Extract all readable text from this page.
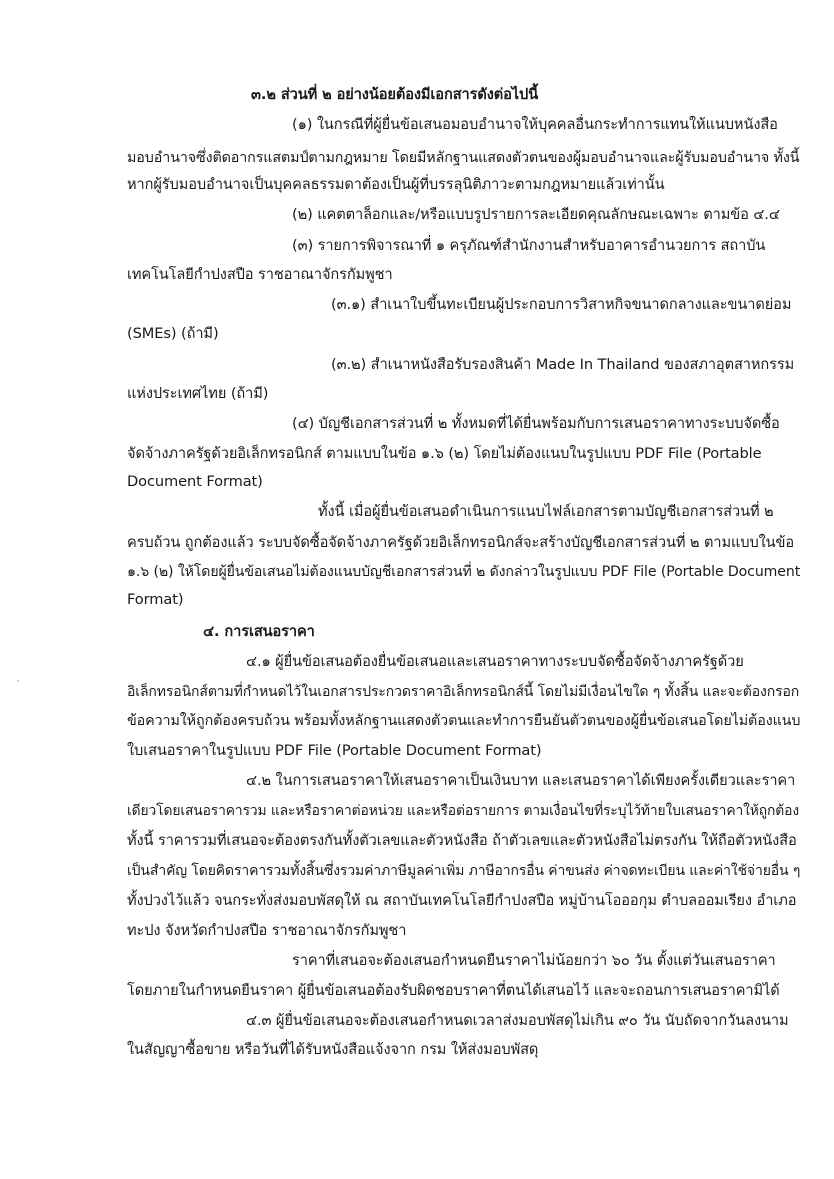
๓.๒ ส่วนที่ ๒ อย่างน้อยต้องมีเอกสารดังต่อไปนี้
(๑) ในกรณีที่ผู้ยื่นข้อเสนอมอบอำนาจให้บุคคลอื่นกระทำการแทนให้แนบหนังสือ
มอบอำนาจซึ่งติดอากรแสตมป์ตามกฎหมาย โดยมีหลักฐานแสดงตัวตนของผู้มอบอำนาจและผู้รับมอบอำนาจ ทั้งนี้
หากผู้รับมอบอำนาจเป็นบุคคลธรรมดาต้องเป็นผู้ที่บรรลุนิติภาวะตามกฎหมายแล้วเท่านั้น
(๒) แคตตาล็อกและ/หรือแบบรูปรายการละเอียดคุณลักษณะเฉพาะ ตามข้อ ๔.๔
(๓) รายการพิจารณาที่ ๑ ครุภัณฑ์สำนักงานสำหรับอาคารอำนวยการ สถาบัน
เทคโนโลยีกำปงสปือ ราชอาณาจักรกัมพูชา
(๓.๑) สำเนาใบขึ้นทะเบียนผู้ประกอบการวิสาหกิจขนาดกลางและขนาดย่อม
(SMEs) (ถ้ามี)
(๓.๒) สำเนาหนังสือรับรองสินค้า Made In Thailand ของสภาอุตสาหกรรม
แห่งประเทศไทย (ถ้ามี)
(๔) บัญชีเอกสารส่วนที่ ๒ ทั้งหมดที่ได้ยื่นพร้อมกับการเสนอราคาทางระบบจัดซื้อ
จัดจ้างภาครัฐด้วยอิเล็กทรอนิกส์ ตามแบบในข้อ ๑.๖ (๒) โดยไม่ต้องแนบในรูปแบบ PDF File (Portable
Document Format)
ทั้งนี้ เมื่อผู้ยื่นข้อเสนอดำเนินการแนบไฟล์เอกสารตามบัญชีเอกสารส่วนที่ ๒
ครบถ้วน ถูกต้องแล้ว ระบบจัดซื้อจัดจ้างภาครัฐด้วยอิเล็กทรอนิกส์จะสร้างบัญชีเอกสารส่วนที่ ๒ ตามแบบในข้อ
๑.๖ (๒) ให้โดยผู้ยื่นข้อเสนอไม่ต้องแนบบัญชีเอกสารส่วนที่ ๒ ดังกล่าวในรูปแบบ PDF File (Portable Document
Format)
๔. การเสนอราคา
๔.๑ ผู้ยื่นข้อเสนอต้องยื่นข้อเสนอและเสนอราคาทางระบบจัดซื้อจัดจ้างภาครัฐด้วย
อิเล็กทรอนิกส์ตามที่กำหนดไว้ในเอกสารประกวดราคาอิเล็กทรอนิกส์นี้ โดยไม่มีเงื่อนไขใด ๆ ทั้งสิ้น และจะต้องกรอก
ข้อความให้ถูกต้องครบถ้วน พร้อมทั้งหลักฐานแสดงตัวตนและทำการยืนยันตัวตนของผู้ยื่นข้อเสนอโดยไม่ต้องแนบ
ใบเสนอราคาในรูปแบบ PDF File (Portable Document Format)
๔.๒ ในการเสนอราคาให้เสนอราคาเป็นเงินบาท และเสนอราคาได้เพียงครั้งเดียวและราคา
เดียวโดยเสนอราคารวม และหรือราคาต่อหน่วย และหรือต่อรายการ ตามเงื่อนไขที่ระบุไว้ท้ายใบเสนอราคาให้ถูกต้อง
ทั้งนี้ ราคารวมที่เสนอจะต้องตรงกันทั้งตัวเลขและตัวหนังสือ ถ้าตัวเลขและตัวหนังสือไม่ตรงกัน ให้ถือตัวหนังสือ
เป็นสำคัญ โดยคิดราคารวมทั้งสิ้นซึ่งรวมค่าภาษีมูลค่าเพิ่ม ภาษีอากรอื่น ค่าขนส่ง ค่าจดทะเบียน และค่าใช้จ่ายอื่น ๆ
ทั้งปวงไว้แล้ว จนกระทั่งส่งมอบพัสดุให้ ณ สถาบันเทคโนโลยีกำปงสปือ หมู่บ้านโอออกุม ตำบลออมเรียง อำเภอ
ทะปง จังหวัดกำปงสปือ ราชอาณาจักรกัมพูชา
ราคาที่เสนอจะต้องเสนอกำหนดยืนราคาไม่น้อยกว่า ๖๐ วัน ตั้งแต่วันเสนอราคา
โดยภายในกำหนดยืนราคา ผู้ยื่นข้อเสนอต้องรับผิดชอบราคาที่ตนได้เสนอไว้ และจะถอนการเสนอราคามิได้
๔.๓ ผู้ยื่นข้อเสนอจะต้องเสนอกำหนดเวลาส่งมอบพัสดุไม่เกิน ๙๐ วัน นับถัดจากวันลงนาม
ในสัญญาซื้อขาย หรือวันที่ได้รับหนังสือแจ้งจาก กรม ให้ส่งมอบพัสดุ
